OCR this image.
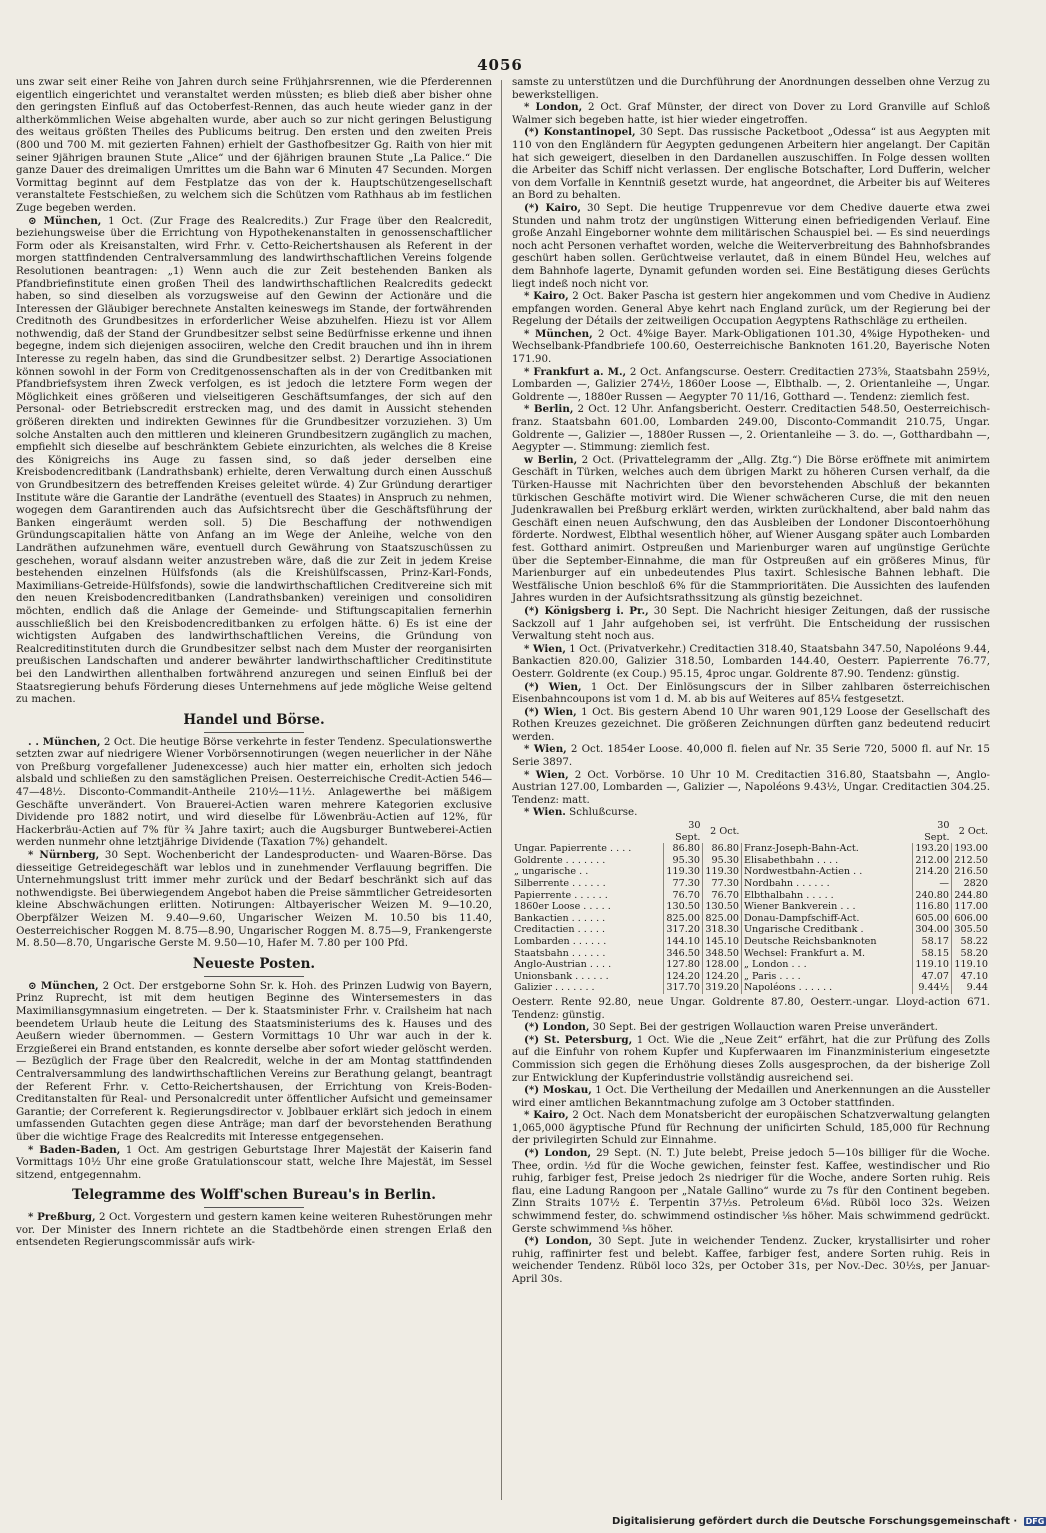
4056

uns zwar seit einer Reihe von Jahren durch seine Frühjahrsrennen, wie die Pferderennen eigentlich eingerichtet und veranstaltet werden müssten; es blieb dieß aber bisher ohne den geringsten Einfluß auf das Octoberfest-Rennen, das auch heute wieder ganz in der altherkömmlichen Weise abgehalten wurde, aber auch so zur nicht geringen Belustigung des weitaus größten Theiles des Publicums beitrug. Den ersten und den zweiten Preis (800 und 700 M. mit gezierten Fahnen) erhielt der Gasthofbesitzer Gg. Raith von hier mit seiner 9jährigen braunen Stute „Alice“ und der 6jährigen braunen Stute „La Palice.“ Die ganze Dauer des dreimaligen Umrittes um die Bahn war 6 Minuten 47 Secunden. Morgen Vormittag beginnt auf dem Festplatze das von der k. Hauptschützengesellschaft veranstaltete Festschießen, zu welchem sich die Schützen vom Rathhaus ab im festlichen Zuge begeben werden.

⊙ München, 1 Oct. (Zur Frage des Realcredits.) Zur Frage über den Realcredit, beziehungsweise über die Errichtung von Hypothekenanstalten in genossenschaftlicher Form oder als Kreisanstalten, wird Frhr. v. Cetto-Reichertshausen als Referent in der morgen stattfindenden Centralversammlung des landwirthschaftlichen Vereins folgende Resolutionen beantragen: „1) Wenn auch die zur Zeit bestehenden Banken als Pfandbriefinstitute einen großen Theil des landwirthschaftlichen Realcredits gedeckt haben, so sind dieselben als vorzugsweise auf den Gewinn der Actionäre und die Interessen der Gläubiger berechnete Anstalten keineswegs im Stande, der fortwährenden Creditnoth des Grundbesitzes in erforderlicher Weise abzuhelfen. Hiezu ist vor Allem nothwendig, daß der Stand der Grundbesitzer selbst seine Bedürfnisse erkenne und ihnen begegne, indem sich diejenigen associiren, welche den Credit brauchen und ihn in ihrem Interesse zu regeln haben, das sind die Grundbesitzer selbst. 2) Derartige Associationen können sowohl in der Form von Creditgenossenschaften als in der von Creditbanken mit Pfandbriefsystem ihren Zweck verfolgen, es ist jedoch die letztere Form wegen der Möglichkeit eines größeren und vielseitigeren Geschäftsumfanges, der sich auf den Personal- oder Betriebscredit erstrecken mag, und des damit in Aussicht stehenden größeren direkten und indirekten Gewinnes für die Grundbesitzer vorzuziehen. 3) Um solche Anstalten auch den mittleren und kleineren Grundbesitzern zugänglich zu machen, empfiehlt sich dieselbe auf beschränktem Gebiete einzurichten, als welches die 8 Kreise des Königreichs ins Auge zu fassen sind, so daß jeder derselben eine Kreisbodencreditbank (Landrathsbank) erhielte, deren Verwaltung durch einen Ausschuß von Grundbesitzern des betreffenden Kreises geleitet würde. 4) Zur Gründung derartiger Institute wäre die Garantie der Landräthe (eventuell des Staates) in Anspruch zu nehmen, wogegen dem Garantirenden auch das Aufsichtsrecht über die Geschäftsführung der Banken eingeräumt werden soll. 5) Die Beschaffung der nothwendigen Gründungscapitalien hätte von Anfang an im Wege der Anleihe, welche von den Landräthen aufzunehmen wäre, eventuell durch Gewährung von Staatszuschüssen zu geschehen, worauf alsdann weiter anzustreben wäre, daß die zur Zeit in jedem Kreise bestehenden einzelnen Hülfsfonds (als die Kreishülfscassen, Prinz-Karl-Fonds, Maximilians-Getreide-Hülfsfonds), sowie die landwirthschaftlichen Creditvereine sich mit den neuen Kreisbodencreditbanken (Landrathsbanken) vereinigen und consolidiren möchten, endlich daß die Anlage der Gemeinde- und Stiftungscapitalien fernerhin ausschließlich bei den Kreisbodencreditbanken zu erfolgen hätte. 6) Es ist eine der wichtigsten Aufgaben des landwirthschaftlichen Vereins, die Gründung von Realcreditinstituten durch die Grundbesitzer selbst nach dem Muster der reorganisirten preußischen Landschaften und anderer bewährter landwirthschaftlicher Creditinstitute bei den Landwirthen allenthalben fortwährend anzuregen und seinen Einfluß bei der Staatsregierung behufs Förderung dieses Unternehmens auf jede mögliche Weise geltend zu machen.

Handel und Börse.

. . München, 2 Oct. Die heutige Börse verkehrte in fester Tendenz. Speculationswerthe setzten zwar auf niedrigere Wiener Vorbörsennotirungen (wegen neuerlicher in der Nähe von Preßburg vorgefallener Judenexcesse) auch hier matter ein, erholten sich jedoch alsbald und schließen zu den samstäglichen Preisen. Oesterreichische Credit-Actien 546—47—48½. Disconto-Commandit-Antheile 210½—11½. Anlagewerthe bei mäßigem Geschäfte unverändert. Von Brauerei-Actien waren mehrere Kategorien exclusive Dividende pro 1882 notirt, und wird dieselbe für Löwenbräu-Actien auf 12%, für Hackerbräu-Actien auf 7% für ¾ Jahre taxirt; auch die Augsburger Buntweberei-Actien werden nunmehr ohne letztjährige Dividende (Taxation 7%) gehandelt.

* Nürnberg, 30 Sept. Wochenbericht der Landesproducten- und Waaren-Börse. Das diesseitige Getreidegeschäft war leblos und in zunehmender Verflauung begriffen. Die Unternehmungslust tritt immer mehr zurück und der Bedarf beschränkt sich auf das nothwendigste. Bei überwiegendem Angebot haben die Preise sämmtlicher Getreidesorten kleine Abschwächungen erlitten. Notirungen: Altbayerischer Weizen M. 9—10.20, Oberpfälzer Weizen M. 9.40—9.60, Ungarischer Weizen M. 10.50 bis 11.40, Oesterreichischer Roggen M. 8.75—8.90, Ungarischer Roggen M. 8.75—9, Frankengerste M. 8.50—8.70, Ungarische Gerste M. 9.50—10, Hafer M. 7.80 per 100 Pfd.

Neueste Posten.

⊙ München, 2 Oct. Der erstgeborne Sohn Sr. k. Hoh. des Prinzen Ludwig von Bayern, Prinz Ruprecht, ist mit dem heutigen Beginne des Wintersemesters in das Maximiliansgymnasium eingetreten. — Der k. Staatsminister Frhr. v. Crailsheim hat nach beendetem Urlaub heute die Leitung des Staatsministeriums des k. Hauses und des Aeußern wieder übernommen. — Gestern Vormittags 10 Uhr war auch in der k. Erzgießerei ein Brand entstanden, es konnte derselbe aber sofort wieder gelöscht werden. — Bezüglich der Frage über den Realcredit, welche in der am Montag stattfindenden Centralversammlung des landwirthschaftlichen Vereins zur Berathung gelangt, beantragt der Referent Frhr. v. Cetto-Reichertshausen, der Errichtung von Kreis-Boden-Creditanstalten für Real- und Personalcredit unter öffentlicher Aufsicht und gemeinsamer Garantie; der Correferent k. Regierungsdirector v. Joblbauer erklärt sich jedoch in einem umfassenden Gutachten gegen diese Anträge; man darf der bevorstehenden Berathung über die wichtige Frage des Realcredits mit Interesse entgegensehen.

* Baden-Baden, 1 Oct. Am gestrigen Geburtstage Ihrer Majestät der Kaiserin fand Vormittags 10½ Uhr eine große Gratulationscour statt, welche Ihre Majestät, im Sessel sitzend, entgegennahm.

Telegramme des Wolff'schen Bureau's in Berlin.

* Preßburg, 2 Oct. Vorgestern und gestern kamen keine weiteren Ruhestörungen mehr vor. Der Minister des Innern richtete an die Stadtbehörde einen strengen Erlaß den entsendeten Regierungscommissär aufs wirk-

samste zu unterstützen und die Durchführung der Anordnungen desselben ohne Verzug zu bewerkstelligen.

* London, 2 Oct. Graf Münster, der direct von Dover zu Lord Granville auf Schloß Walmer sich begeben hatte, ist hier wieder eingetroffen.

(*) Konstantinopel, 30 Sept. Das russische Packetboot „Odessa“ ist aus Aegypten mit 110 von den Engländern für Aegypten gedungenen Arbeitern hier angelangt. Der Capitän hat sich geweigert, dieselben in den Dardanellen auszuschiffen. In Folge dessen wollten die Arbeiter das Schiff nicht verlassen. Der englische Botschafter, Lord Dufferin, welcher von dem Vorfalle in Kenntniß gesetzt wurde, hat angeordnet, die Arbeiter bis auf Weiteres an Bord zu behalten.

(*) Kairo, 30 Sept. Die heutige Truppenrevue vor dem Chedive dauerte etwa zwei Stunden und nahm trotz der ungünstigen Witterung einen befriedigenden Verlauf. Eine große Anzahl Eingeborner wohnte dem militärischen Schauspiel bei. — Es sind neuerdings noch acht Personen verhaftet worden, welche die Weiterverbreitung des Bahnhofsbrandes geschürt haben sollen. Gerüchtweise verlautet, daß in einem Bündel Heu, welches auf dem Bahnhofe lagerte, Dynamit gefunden worden sei. Eine Bestätigung dieses Gerüchts liegt indeß noch nicht vor.

* Kairo, 2 Oct. Baker Pascha ist gestern hier angekommen und vom Chedive in Audienz empfangen worden. General Abye kehrt nach England zurück, um der Regierung bei der Regelung der Détails der zeitweiligen Occupation Aegyptens Rathschläge zu ertheilen.

* München, 2 Oct. 4%ige Bayer. Mark-Obligationen 101.30, 4%ige Hypotheken- und Wechselbank-Pfandbriefe 100.60, Oesterreichische Banknoten 161.20, Bayerische Noten 171.90.

* Frankfurt a. M., 2 Oct. Anfangscurse. Oesterr. Creditactien 273⅝, Staatsbahn 259½, Lombarden —, Galizier 274½, 1860er Loose —, Elbthalb. —, 2. Orientanleihe —, Ungar. Goldrente —, 1880er Russen — Aegypter 70 11/16, Gotthard —. Tendenz: ziemlich fest.

* Berlin, 2 Oct. 12 Uhr. Anfangsbericht. Oesterr. Creditactien 548.50, Oesterreichisch-franz. Staatsbahn 601.00, Lombarden 249.00, Disconto-Commandit 210.75, Ungar. Goldrente —, Galizier —, 1880er Russen —, 2. Orientanleihe — 3. do. —, Gotthardbahn —, Aegypter —. Stimmung: ziemlich fest.

w Berlin, 2 Oct. (Privattelegramm der „Allg. Ztg.“) Die Börse eröffnete mit animirtem Geschäft in Türken, welches auch dem übrigen Markt zu höheren Cursen verhalf, da die Türken-Hausse mit Nachrichten über den bevorstehenden Abschluß der bekannten türkischen Geschäfte motivirt wird. Die Wiener schwächeren Curse, die mit den neuen Judenkrawallen bei Preßburg erklärt werden, wirkten zurückhaltend, aber bald nahm das Geschäft einen neuen Aufschwung, den das Ausbleiben der Londoner Discontoerhöhung förderte. Nordwest, Elbthal wesentlich höher, auf Wiener Ausgang später auch Lombarden fest. Gotthard animirt. Ostpreußen und Marienburger waren auf ungünstige Gerüchte über die September-Einnahme, die man für Ostpreußen auf ein größeres Minus, für Marienburger auf ein unbedeutendes Plus taxirt. Schlesische Bahnen lebhaft. Die Westfälische Union beschloß 6% für die Stammprioritäten. Die Aussichten des laufenden Jahres wurden in der Aufsichtsrathssitzung als günstig bezeichnet.

(*) Königsberg i. Pr., 30 Sept. Die Nachricht hiesiger Zeitungen, daß der russische Sackzoll auf 1 Jahr aufgehoben sei, ist verfrüht. Die Entscheidung der russischen Verwaltung steht noch aus.

* Wien, 1 Oct. (Privatverkehr.) Creditactien 318.40, Staatsbahn 347.50, Napoléons 9.44, Bankactien 820.00, Galizier 318.50, Lombarden 144.40, Oesterr. Papierrente 76.77, Oesterr. Goldrente (ex Coup.) 95.15, 4proc ungar. Goldrente 87.90. Tendenz: günstig.

(*) Wien, 1 Oct. Der Einlösungscurs der in Silber zahlbaren österreichischen Eisenbahncoupons ist vom 1 d. M. ab bis auf Weiteres auf 85¼ festgesetzt.

(*) Wien, 1 Oct. Bis gestern Abend 10 Uhr waren 901,129 Loose der Gesellschaft des Rothen Kreuzes gezeichnet. Die größeren Zeichnungen dürften ganz bedeutend reducirt werden.

* Wien, 2 Oct. 1854er Loose. 40,000 fl. fielen auf Nr. 35 Serie 720, 5000 fl. auf Nr. 15 Serie 3897.

* Wien, 2 Oct. Vorbörse. 10 Uhr 10 M. Creditactien 316.80, Staatsbahn —, Anglo-Austrian 127.00, Lombarden —, Galizier —, Napoléons 9.43½, Ungar. Creditactien 304.25. Tendenz: matt.

* Wien. Schlußcurse.

	30 Sept.	2 Oct.		30 Sept.	2 Oct.
Ungar. Papierrente . . . .	86.80	86.80	Franz-Joseph-Bahn-Act.	193.20	193.00
Goldrente . . . . . . .	95.30	95.30	Elisabethbahn . . . .	212.00	212.50
„ ungarische . .	119.30	119.30	Nordwestbahn-Actien . .	214.20	216.50
Silberrente . . . . . .	77.30	77.30	Nordbahn . . . . . .	—	2820
Papierrente . . . . . .	76.70	76.70	Elbthalbahn . . . . .	240.80	244.80
1860er Loose . . . . .	130.50	130.50	Wiener Bankverein . . .	116.80	117.00
Bankactien . . . . . .	825.00	825.00	Donau-Dampfschiff-Act.	605.00	606.00
Creditactien . . . . .	317.20	318.30	Ungarische Creditbank .	304.00	305.50
Lombarden . . . . . .	144.10	145.10	Deutsche Reichsbanknoten	58.17	58.22
Staatsbahn . . . . . .	346.50	348.50	Wechsel: Frankfurt a. M.	58.15	58.20
Anglo-Austrian . . . .	127.80	128.00	„ London . . .	119.10	119.10
Unionsbank . . . . . .	124.20	124.20	„ Paris . . . .	47.07	47.10
Galizier . . . . . . .	317.70	319.20	Napoléons . . . . . .	9.44½	9.44

Oesterr. Rente 92.80, neue Ungar. Goldrente 87.80, Oesterr.-ungar. Lloyd-action 671. Tendenz: günstig.

(*) London, 30 Sept. Bei der gestrigen Wollauction waren Preise unverändert.

(*) St. Petersburg, 1 Oct. Wie die „Neue Zeit“ erfährt, hat die zur Prüfung des Zolls auf die Einfuhr von rohem Kupfer und Kupferwaaren im Finanzministerium eingesetzte Commission sich gegen die Erhöhung dieses Zolls ausgesprochen, da der bisherige Zoll zur Entwicklung der Kupferindustrie vollständig ausreichend sei.

(*) Moskau, 1 Oct. Die Vertheilung der Medaillen und Anerkennungen an die Aussteller wird einer amtlichen Bekanntmachung zufolge am 3 October stattfinden.

* Kairo, 2 Oct. Nach dem Monatsbericht der europäischen Schatzverwaltung gelangten 1,065,000 ägyptische Pfund für Rechnung der unificirten Schuld, 185,000 für Rechnung der privilegirten Schuld zur Einnahme.

(*) London, 29 Sept. (N. T.) Jute belebt, Preise jedoch 5—10s billiger für die Woche. Thee, ordin. ½d für die Woche gewichen, feinster fest. Kaffee, westindischer und Rio ruhig, farbiger fest, Preise jedoch 2s niedriger für die Woche, andere Sorten ruhig. Reis flau, eine Ladung Rangoon per „Natale Gallino“ wurde zu 7s für den Continent begeben. Zinn Straits 107½ £. Terpentin 37½s. Petroleum 6⅛d. Rüböl loco 32s. Weizen schwimmend fester, do. schwimmend ostindischer ⅛s höher. Mais schwimmend gedrückt. Gerste schwimmend ⅛s höher.

(*) London, 30 Sept. Jute in weichender Tendenz. Zucker, krystallisirter und roher ruhig, raffinirter fest und belebt. Kaffee, farbiger fest, andere Sorten ruhig. Reis in weichender Tendenz. Rüböl loco 32s, per October 31s, per Nov.-Dec. 30½s, per Januar-April 30s.

Digitalisierung gefördert durch die Deutsche Forschungsgemeinschaft · DFG
